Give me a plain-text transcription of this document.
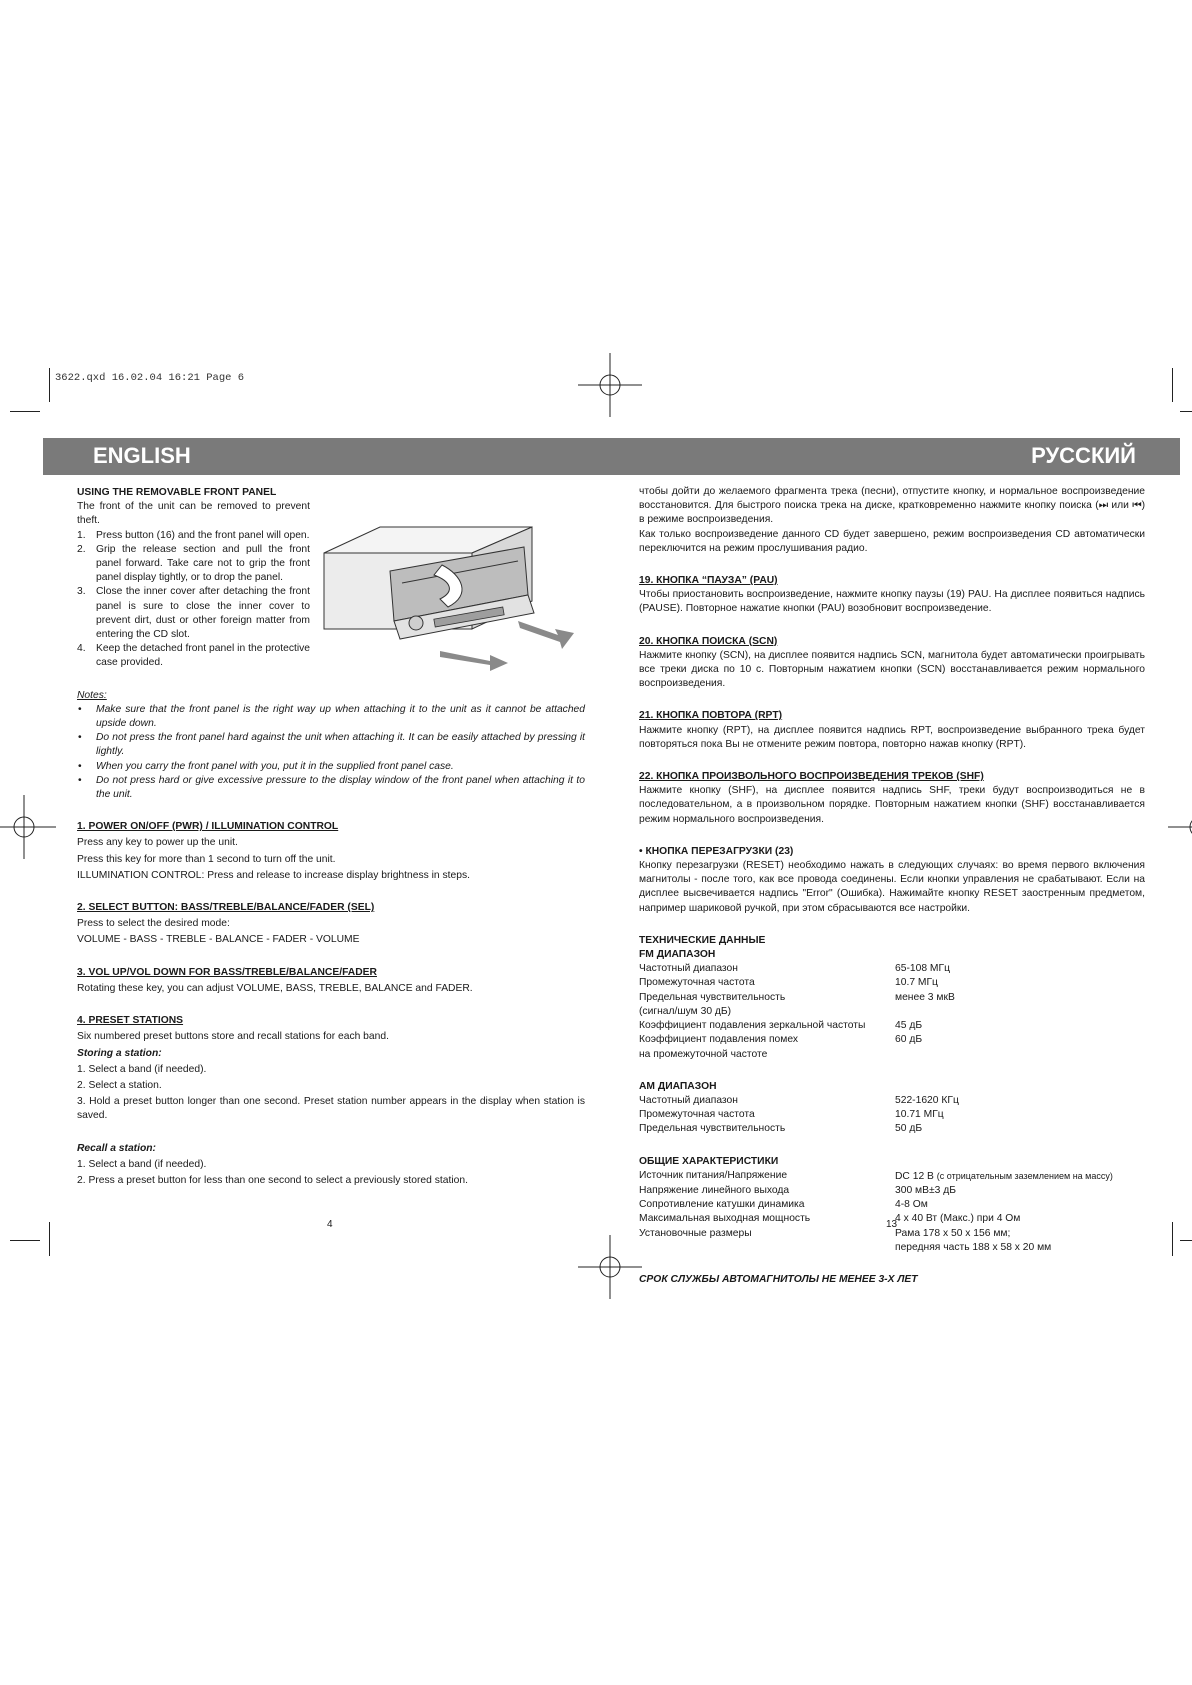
3622.qxd 16.02.04 16:21 Page 6
ENGLISH	РУССКИЙ

USING THE REMOVABLE FRONT PANEL

The front of the unit can be removed to prevent theft.

1. Press button (16) and the front panel will open.
2. Grip the release section and pull the front panel forward. Take care not to grip the front panel display tightly, or to drop the panel.
3. Close the inner cover after detaching the front panel is sure to close the inner cover to prevent dirt, dust or other foreign matter from entering the CD slot.
4. Keep the detached front panel in the protective case provided.

Notes:

• Make sure that the front panel is the right way up when attaching it to the unit as it cannot be attached upside down.
• Do not press the front panel hard against the unit when attaching it. It can be easily attached by pressing it lightly.
• When you carry the front panel with you, put it in the supplied front panel case.
• Do not press hard or give excessive pressure to the display window of the front panel when attaching it to the unit.

1. POWER ON/OFF (PWR) / ILLUMINATION CONTROL

Press any key to power up the unit.

Press this key for more than 1 second to turn off the unit.

ILLUMINATION CONTROL: Press and release to increase display brightness in steps.

2. SELECT BUTTON: BASS/TREBLE/BALANCE/FADER (SEL)

Press to select the desired mode:

VOLUME - BASS - TREBLE - BALANCE - FADER - VOLUME

3. VOL UP/VOL DOWN FOR BASS/TREBLE/BALANCE/FADER

Rotating these key, you can adjust VOLUME, BASS, TREBLE, BALANCE and FADER.

4. PRESET STATIONS

Six numbered preset buttons store and recall stations for each band.

Storing a station:

1. Select a band (if needed).

2. Select a station.

3. Hold a preset button longer than one second. Preset station number appears in the display when station is saved.

Recall a station:

1. Select a band (if needed).

2. Press a preset button for less than one second to select a previously stored station.

4

чтобы дойти до желаемого фрагмента трека (песни), отпустите кнопку, и нормальное воспроизведение восстановится. Для быстрого поиска трека на диске, кратковременно нажмите кнопку поиска (⏭ или ⏮) в режиме воспроизведения.

Как только воспроизведение данного CD будет завершено, режим воспроизведения CD автоматически переключится на режим прослушивания радио.

19. КНОПКА “ПАУЗА” (PAU)

Чтобы приостановить воспроизведение, нажмите кнопку паузы (19) PAU. На дисплее появиться надпись (PAUSE). Повторное нажатие кнопки (PAU) возобновит воспроизведение.

20. КНОПКА ПОИСКА (SCN)

Нажмите кнопку (SCN), на дисплее появится надпись SCN, магнитола будет автоматически проигрывать все треки диска по 10 с. Повторным нажатием кнопки (SCN) восстанавливается режим нормального воспроизведения.

21. КНОПКА ПОВТОРА (RPT)

Нажмите кнопку (RPT), на дисплее появится надпись RPT, воспроизведение выбранного трека будет повторяться пока Вы не отмените режим повтора, повторно нажав кнопку (RPT).

22. КНОПКА ПРОИЗВОЛЬНОГО ВОСПРОИЗВЕДЕНИЯ ТРЕКОВ (SHF)

Нажмите кнопку (SHF), на дисплее появится надпись SHF, треки будут воспроизводиться не в последовательном, а в произвольном порядке. Повторным нажатием кнопки (SHF) восстанавливается режим нормального воспроизведения.

• КНОПКА ПЕРЕЗАГРУЗКИ (23)

Кнопку перезагрузки (RESET) необходимо нажать в следующих случаях: во время первого включения магнитолы - после того, как все провода соединены. Если кнопки управления не срабатывают. Если на дисплее высвечивается надпись "Error" (Ошибка). Нажимайте кнопку RESET заостренным предметом, например шариковой ручкой, при этом сбрасываются все настройки.

ТЕХНИЧЕСКИЕ ДАННЫЕ

FM ДИАПАЗОН

Частотный диапазон	65-108 МГц
Промежуточная частота	10.7 МГц
Предельная чувствительность	менее 3 мкВ
(сигнал/шум 30 дБ)
Коэффициент подавления зеркальной частоты	45 дБ
Коэффициент подавления помех	60 дБ
на промежуточной частоте

АМ ДИАПАЗОН

Частотный диапазон	522-1620 КГц
Промежуточная частота	10.71 МГц
Предельная чувствительность	50 дБ

ОБЩИЕ ХАРАКТЕРИСТИКИ

Источник питания/Напряжение	DC 12 В (с отрицательным заземлением на массу)
Напряжение линейного выхода	300 мВ±3 дБ
Сопротивление катушки динамика	4-8 Ом
Максимальная выходная мощность	4 x 40 Вт (Макс.) при 4 Ом
Установочные размеры	Рама 178 x 50 x 156 мм;
передняя часть 188 x 58 x 20 мм

СРОК СЛУЖБЫ АВТОМАГНИТОЛЫ НЕ МЕНЕЕ 3-Х ЛЕТ

13
